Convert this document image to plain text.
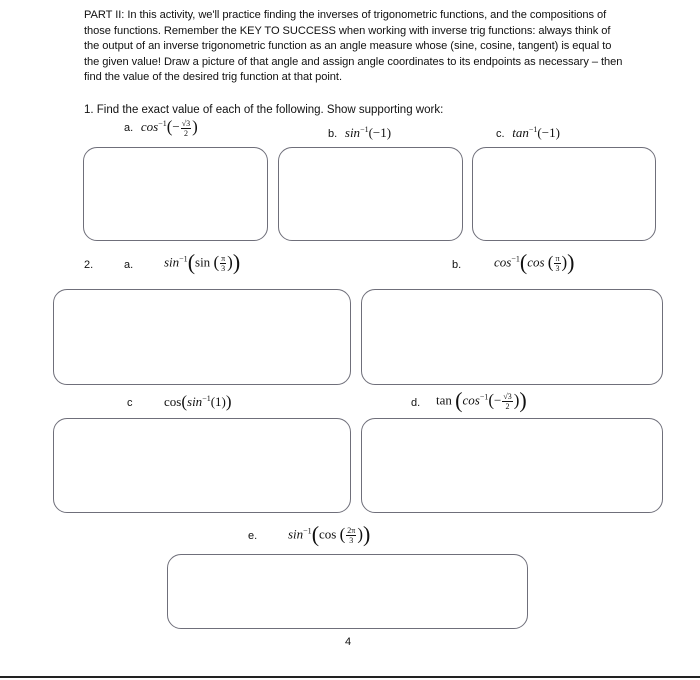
PART II: In this activity, we'll practice finding the inverses of trigonometric functions, and the compositions of those functions. Remember the KEY TO SUCCESS when working with inverse trig functions: always think of the output of an inverse trigonometric function as an angle measure whose (sine, cosine, tangent) is equal to the given value! Draw a picture of that angle and assign angle coordinates to its endpoints as necessary – then find the value of the desired trig function at that point.
1. Find the exact value of each of the following. Show supporting work:
a. $\cos^{-1}(- \frac{√3}{2}$ )	b. $\sin^{-1}(-1)$	c. $\tan^{-1}(-1)$
2.	a. $\sin^{-1}(\sin$ ( $\frac{\pi}{3}$ ))	b.	$\cos^{-1}(\cos$ ( $\frac{\pi}{3}$ ))
c $\cos(\sin^{-1}(1))$	d. $\tan (\cos^{-1}(- \frac{√3}{2}$ ))
e. $\sin^{-1}(\cos$ ( $\frac{2\pi}{3}$ ))
4
